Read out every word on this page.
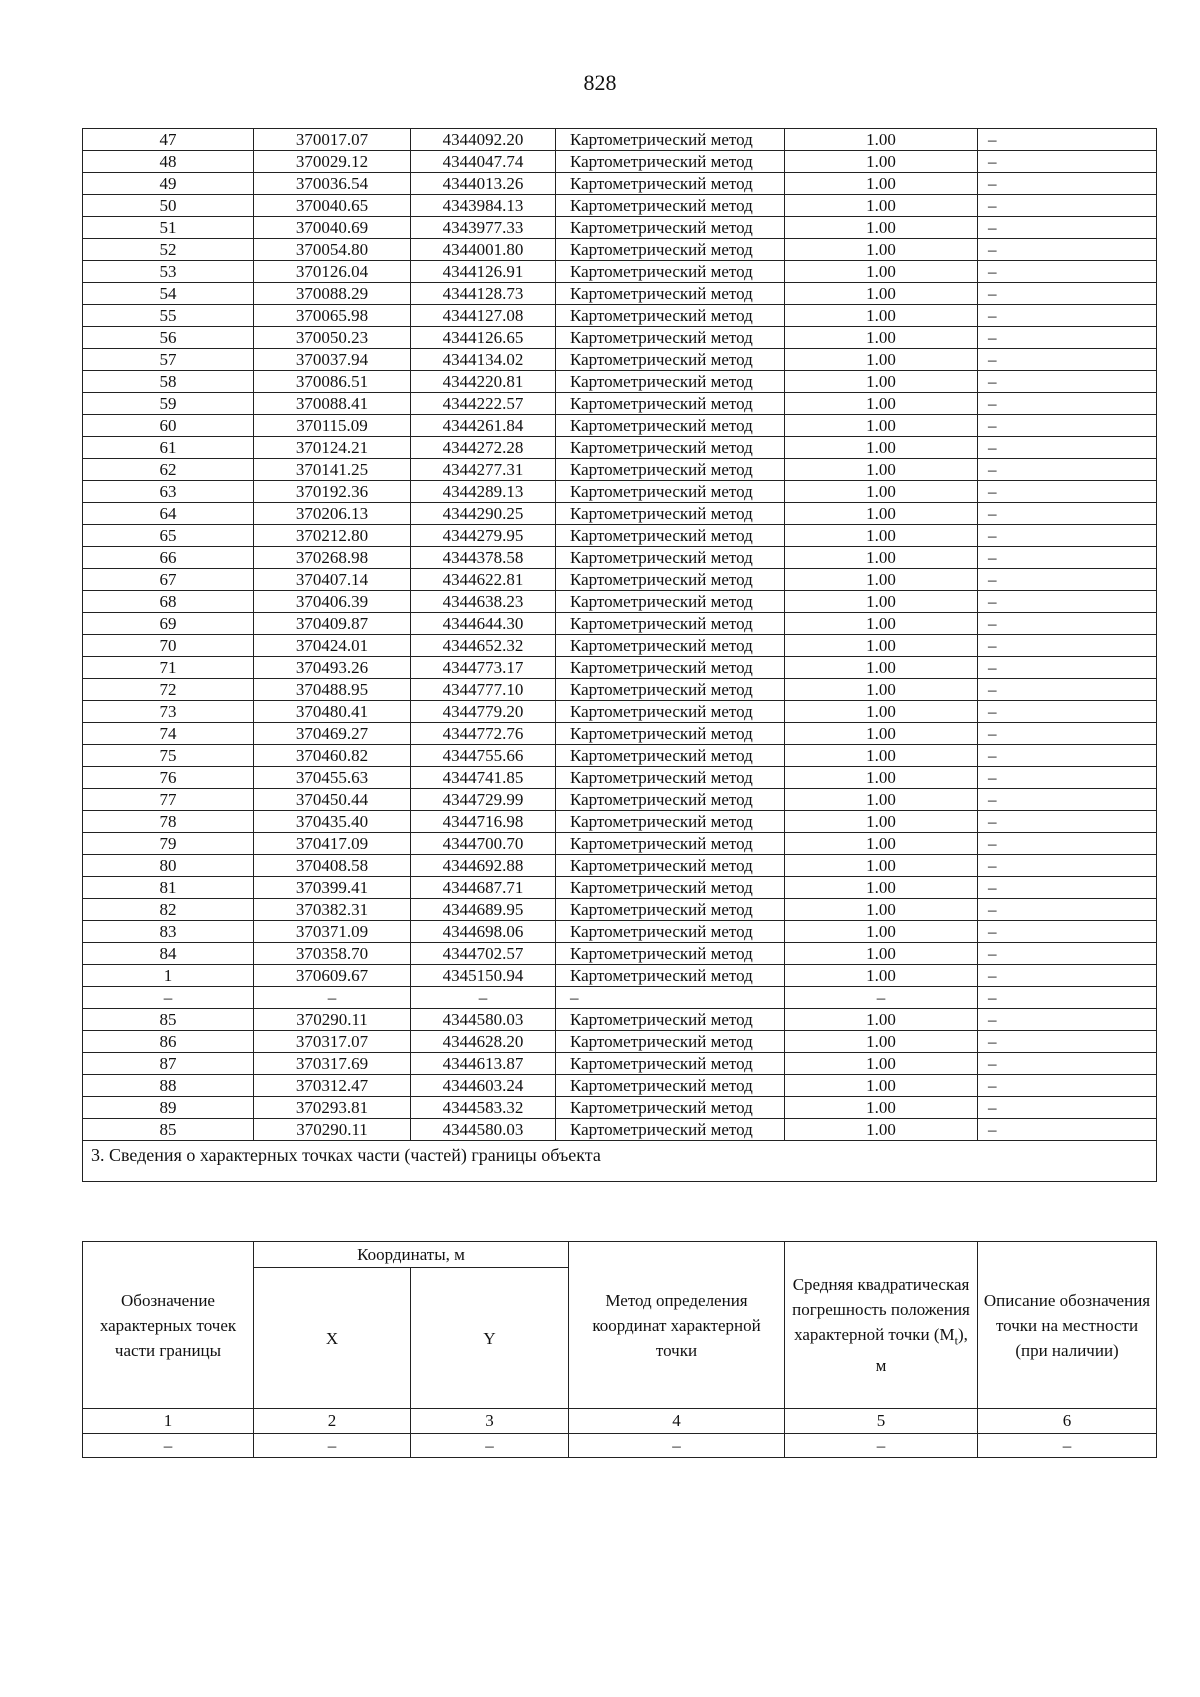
828
47	370017.07	4344092.20	Картометрический метод	1.00	–
48	370029.12	4344047.74	Картометрический метод	1.00	–
49	370036.54	4344013.26	Картометрический метод	1.00	–
50	370040.65	4343984.13	Картометрический метод	1.00	–
51	370040.69	4343977.33	Картометрический метод	1.00	–
52	370054.80	4344001.80	Картометрический метод	1.00	–
53	370126.04	4344126.91	Картометрический метод	1.00	–
54	370088.29	4344128.73	Картометрический метод	1.00	–
55	370065.98	4344127.08	Картометрический метод	1.00	–
56	370050.23	4344126.65	Картометрический метод	1.00	–
57	370037.94	4344134.02	Картометрический метод	1.00	–
58	370086.51	4344220.81	Картометрический метод	1.00	–
59	370088.41	4344222.57	Картометрический метод	1.00	–
60	370115.09	4344261.84	Картометрический метод	1.00	–
61	370124.21	4344272.28	Картометрический метод	1.00	–
62	370141.25	4344277.31	Картометрический метод	1.00	–
63	370192.36	4344289.13	Картометрический метод	1.00	–
64	370206.13	4344290.25	Картометрический метод	1.00	–
65	370212.80	4344279.95	Картометрический метод	1.00	–
66	370268.98	4344378.58	Картометрический метод	1.00	–
67	370407.14	4344622.81	Картометрический метод	1.00	–
68	370406.39	4344638.23	Картометрический метод	1.00	–
69	370409.87	4344644.30	Картометрический метод	1.00	–
70	370424.01	4344652.32	Картометрический метод	1.00	–
71	370493.26	4344773.17	Картометрический метод	1.00	–
72	370488.95	4344777.10	Картометрический метод	1.00	–
73	370480.41	4344779.20	Картометрический метод	1.00	–
74	370469.27	4344772.76	Картометрический метод	1.00	–
75	370460.82	4344755.66	Картометрический метод	1.00	–
76	370455.63	4344741.85	Картометрический метод	1.00	–
77	370450.44	4344729.99	Картометрический метод	1.00	–
78	370435.40	4344716.98	Картометрический метод	1.00	–
79	370417.09	4344700.70	Картометрический метод	1.00	–
80	370408.58	4344692.88	Картометрический метод	1.00	–
81	370399.41	4344687.71	Картометрический метод	1.00	–
82	370382.31	4344689.95	Картометрический метод	1.00	–
83	370371.09	4344698.06	Картометрический метод	1.00	–
84	370358.70	4344702.57	Картометрический метод	1.00	–
1	370609.67	4345150.94	Картометрический метод	1.00	–
–	–	–	–	–	–
85	370290.11	4344580.03	Картометрический метод	1.00	–
86	370317.07	4344628.20	Картометрический метод	1.00	–
87	370317.69	4344613.87	Картометрический метод	1.00	–
88	370312.47	4344603.24	Картометрический метод	1.00	–
89	370293.81	4344583.32	Картометрический метод	1.00	–
85	370290.11	4344580.03	Картометрический метод	1.00	–
3. Сведения о характерных точках части (частей) границы объекта					
Обозначение характерных точек части границы	Координаты, м		Метод определения координат характерной точки	Средняя квадратическая погрешность положения характерной точки $(M_t)$, м	Описание обозначения точки на местности (при наличии)
	X	Y			
1	2	3	4	5	6
–	–	–	–	–	–
